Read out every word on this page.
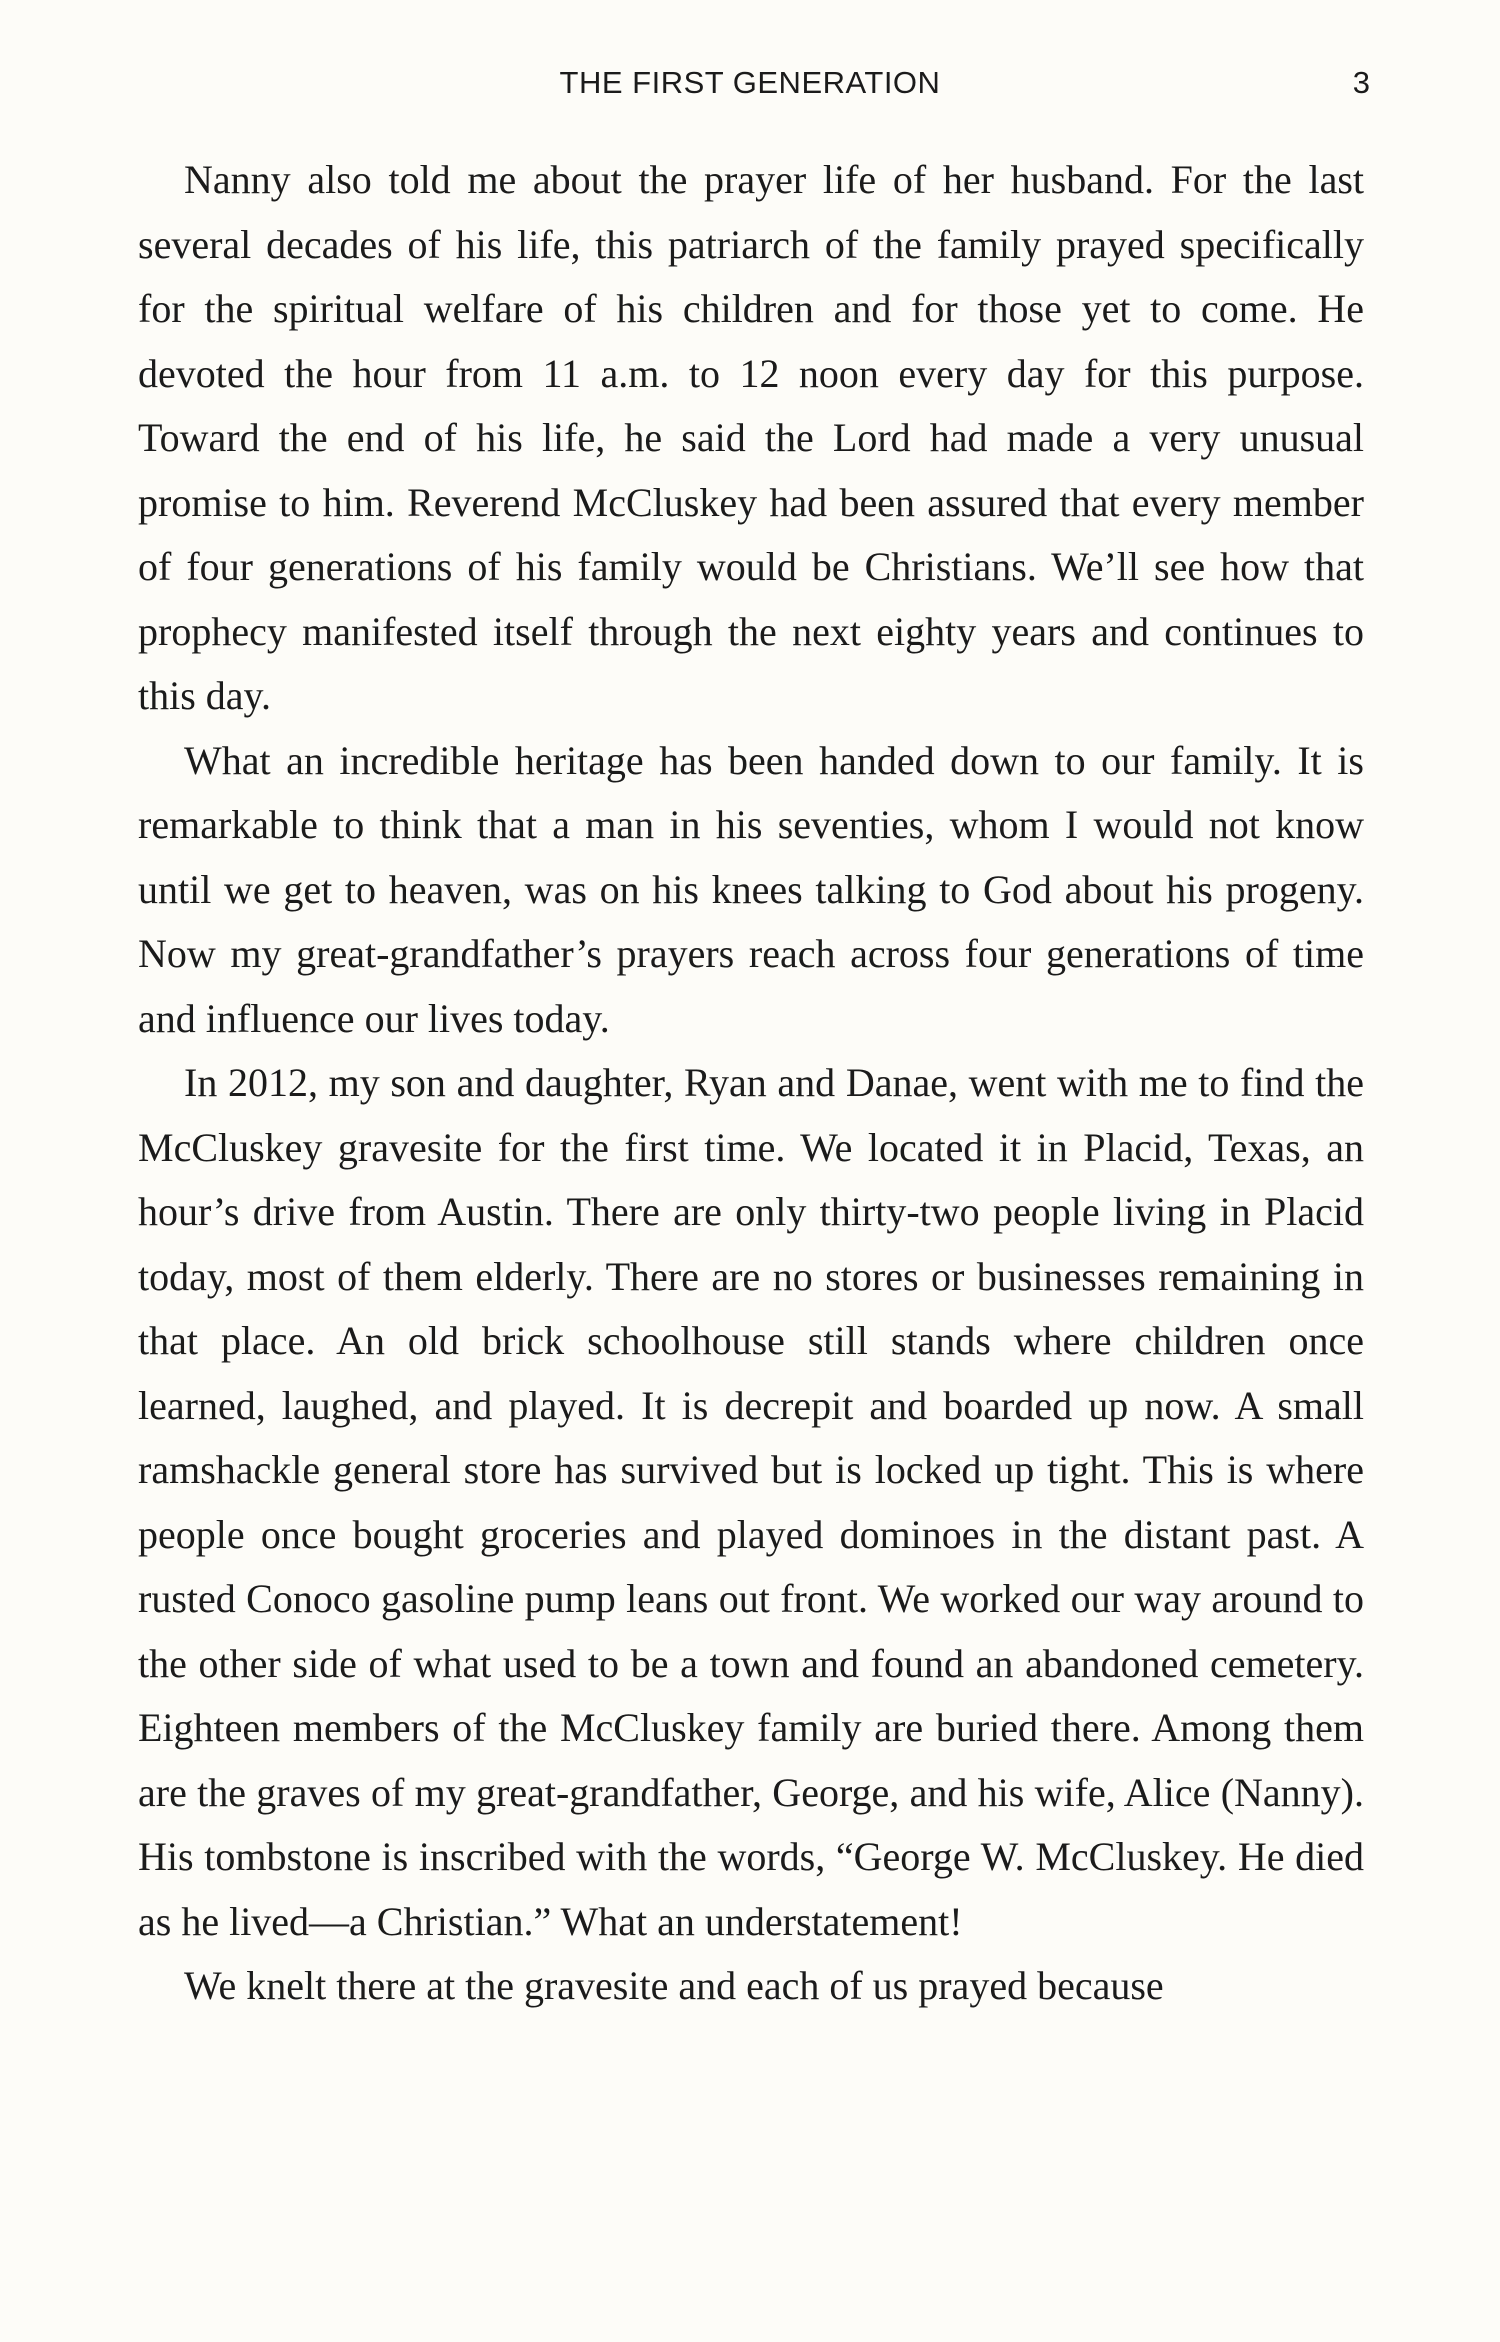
THE FIRST GENERATION	3

Nanny also told me about the prayer life of her husband. For the last several decades of his life, this patriarch of the family prayed specifically for the spiritual welfare of his children and for those yet to come. He devoted the hour from 11 a.m. to 12 noon every day for this purpose. Toward the end of his life, he said the Lord had made a very unusual promise to him. Reverend McCluskey had been assured that every member of four generations of his family would be Christians. We’ll see how that prophecy manifested itself through the next eighty years and continues to this day.

What an incredible heritage has been handed down to our family. It is remarkable to think that a man in his seventies, whom I would not know until we get to heaven, was on his knees talking to God about his progeny. Now my great-grandfather’s prayers reach across four generations of time and influence our lives today.

In 2012, my son and daughter, Ryan and Danae, went with me to find the McCluskey gravesite for the first time. We located it in Placid, Texas, an hour’s drive from Austin. There are only thirty-two people living in Placid today, most of them elderly. There are no stores or businesses remaining in that place. An old brick schoolhouse still stands where children once learned, laughed, and played. It is decrepit and boarded up now. A small ramshackle general store has survived but is locked up tight. This is where people once bought groceries and played dominoes in the distant past. A rusted Conoco gasoline pump leans out front. We worked our way around to the other side of what used to be a town and found an abandoned cemetery. Eighteen members of the McCluskey family are buried there. Among them are the graves of my great-grandfather, George, and his wife, Alice (Nanny). His tombstone is inscribed with the words, “George W. McCluskey. He died as he lived—a Christian.” What an understatement!

We knelt there at the gravesite and each of us prayed because
